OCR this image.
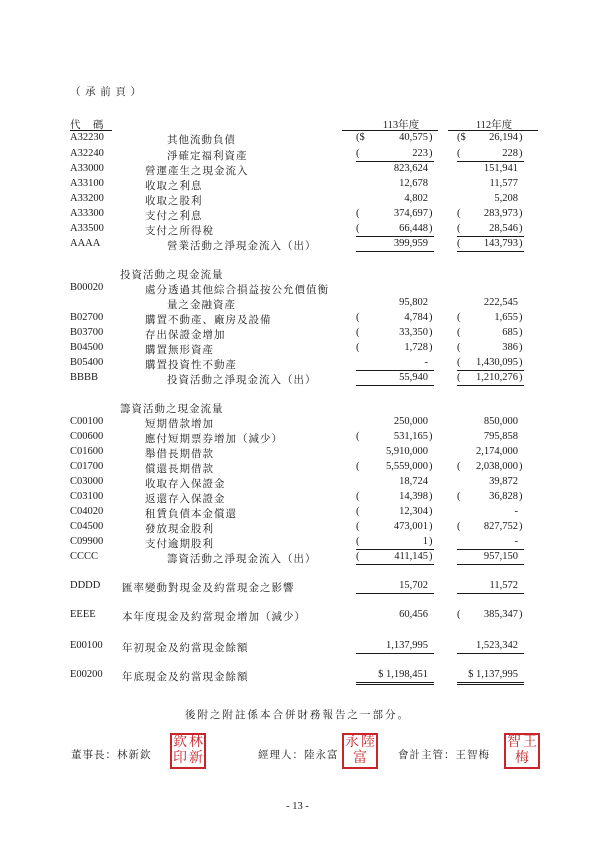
（ 承 前 頁 ）
代　碼	113年度	112年度
A32230	其他流動負債	($	40,575 ) ($	26,194 )
A32240	淨確定福利資產	(	223 ) (	228 )
A33000	營運產生之現金流入	823,624	151,941
A33100	收取之利息	12,678	11,577
A33200	收取之股利	4,802	5,208
A33300	支付之利息	(	374,697 ) (	283,973 )
A33500	支付之所得稅	(	66,448 ) (	28,546 )
AAAA	營業活動之淨現金流入（出）	399,959	(	143,793 )
投資活動之現金流量
B00020	處分透過其他綜合損益按公允價值衡
量之金融資產	95,802	222,545
B02700	購置不動產、廠房及設備	(	4,784 ) (	1,655 )
B03700	存出保證金增加	(	33,350 ) (	685 )
B04500	購置無形資產	(	1,728 ) (	386 )
B05400	購置投資性不動產	-	(	1,430,095 )
BBBB	投資活動之淨現金流入（出）	55,940	(	1,210,276 )
籌資活動之現金流量
C00100	短期借款增加	250,000	850,000
C00600	應付短期票券增加（減少）	(	531,165 )	795,858
C01600	舉借長期借款	5,910,000	2,174,000
C01700	償還長期借款	(	5,559,000 ) (	2,038,000 )
C03000	收取存入保證金	18,724	39,872
C03100	返還存入保證金	(	14,398 ) (	36,828 )
C04020	租賃負債本金償還	(	12,304 )	-
C04500	發放現金股利	(	473,001 ) (	827,752 )
C09900	支付逾期股利	(	1 )	-
CCCC	籌資活動之淨現金流入（出）	(	411,145 )	957,150
DDDD 匯率變動對現金及約當現金之影響	15,702	11,572
EEEE	本年度現金及約當現金增加（減少）	60,456	(	385,347 )
E00100 年初現金及約當現金餘額	1,137,995	1,523,342
E00200 年底現金及約當現金餘額	$ 1,198,451	$ 1,137,995
後附之附註係本合併財務報告之一部分。
董事長：林新欽
欽 林
印 新	經理人：陸永富
永 陸
富	會計主管：王智梅
智 王
梅
- 13 -
